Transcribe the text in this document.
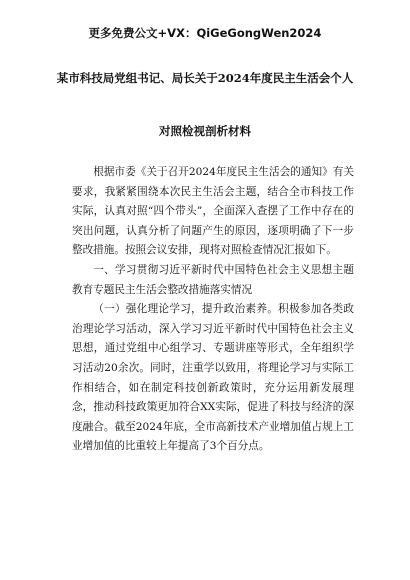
更多免费公文+VX：QiGeGongWen2024
某市科技局党组书记、局长关于2024年度民主生活会个人
对照检视剖析材料

根据市委《关于召开2024年度民主生活会的通知》有关要求，我紧紧围绕本次民主生活会主题，结合全市科技工作实际，认真对照“四个带头”，全面深入查摆了工作中存在的突出问题，认真分析了问题产生的原因，逐项明确了下一步整改措施。按照会议安排，现将对照检查情况汇报如下。

一、学习贯彻习近平新时代中国特色社会主义思想主题教育专题民主生活会整改措施落实情况

（一）强化理论学习，提升政治素养。积极参加各类政治理论学习活动，深入学习习近平新时代中国特色社会主义思想，通过党组中心组学习、专题讲座等形式，全年组织学习活动20余次。同时，注重学以致用，将理论学习与实际工作相结合，如在制定科技创新政策时，充分运用新发展理念，推动科技政策更加符合XX实际，促进了科技与经济的深度融合。截至2024年底，全市高新技术产业增加值占规上工业增加值的比重较上年提高了3个百分点。
